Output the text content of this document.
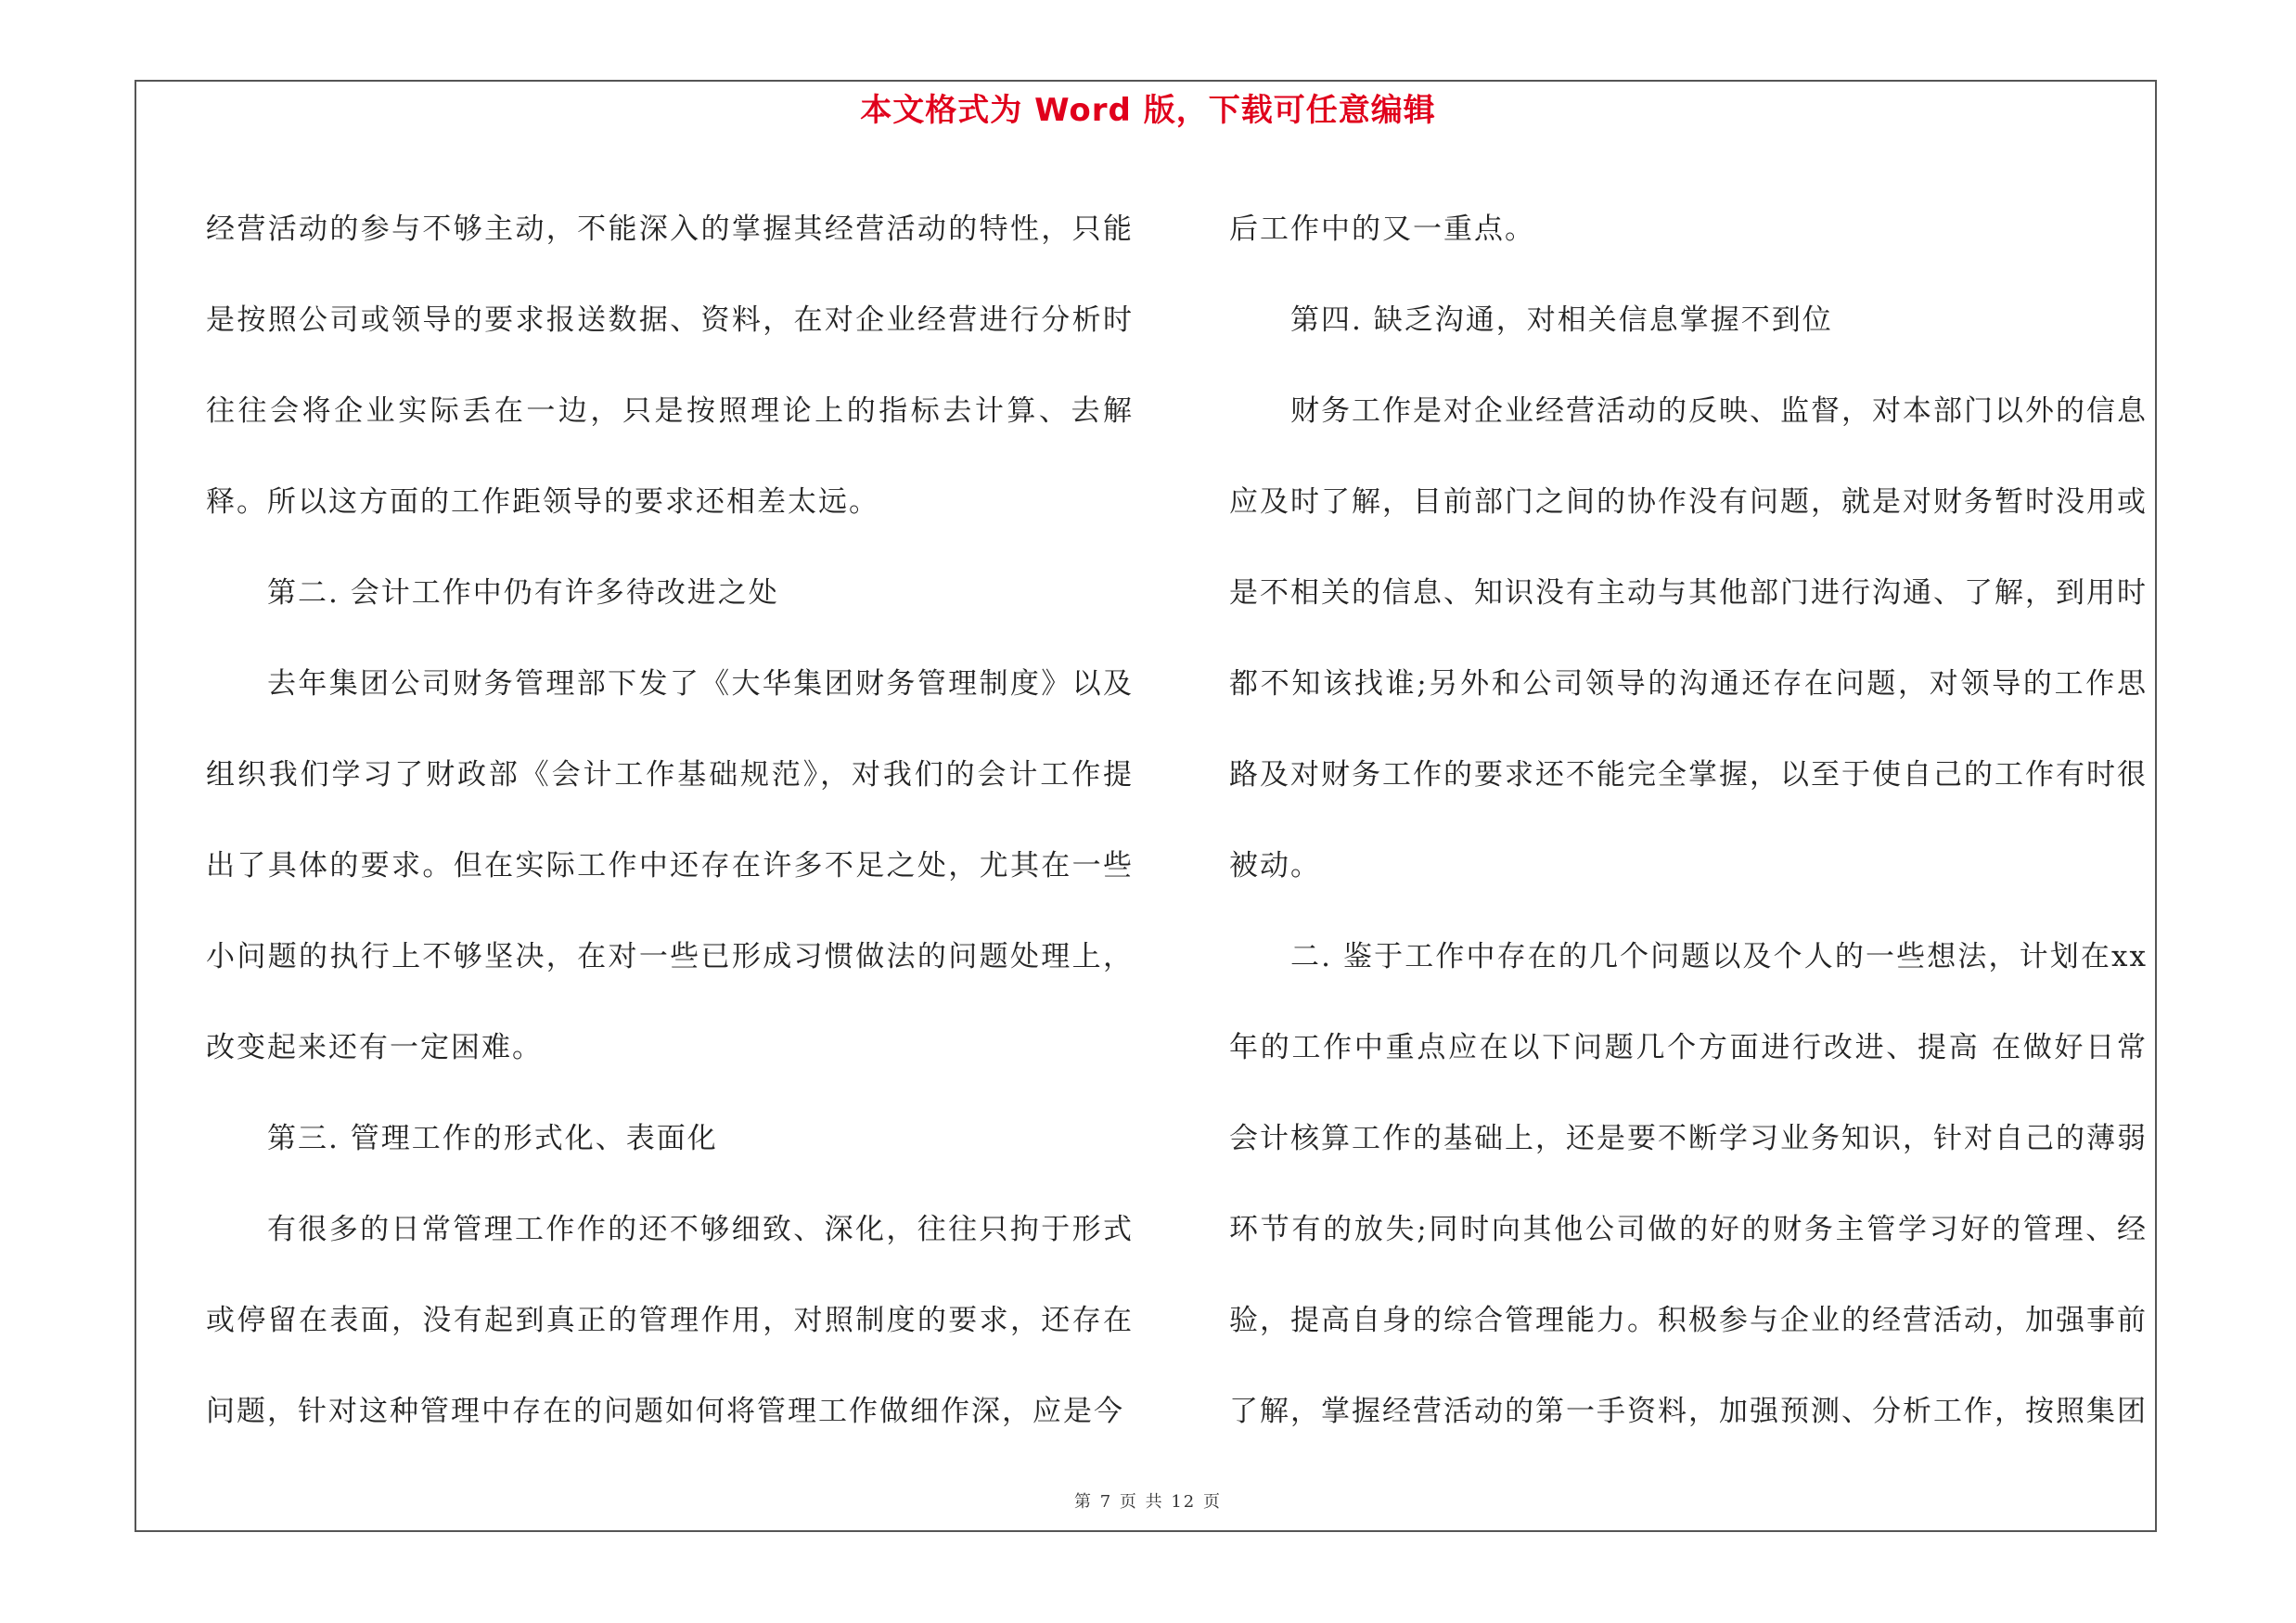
本文格式为 Word 版，下载可任意编辑

经营活动的参与不够主动，不能深入的掌握其经营活动的特性，只能是按照公司或领导的要求报送数据、资料，在对企业经营进行分析时往往会将企业实际丢在一边，只是按照理论上的指标去计算、去解释。所以这方面的工作距领导的要求还相差太远。

第二. 会计工作中仍有许多待改进之处

去年集团公司财务管理部下发了《大华集团财务管理制度》以及组织我们学习了财政部《会计工作基础规范》，对我们的会计工作提出了具体的要求。但在实际工作中还存在许多不足之处，尤其在一些小问题的执行上不够坚决，在对一些已形成习惯做法的问题处理上，改变起来还有一定困难。

第三. 管理工作的形式化、表面化

有很多的日常管理工作作的还不够细致、深化，往往只拘于形式或停留在表面，没有起到真正的管理作用，对照制度的要求，还存在问题，针对这种管理中存在的问题如何将管理工作做细作深，应是今

后工作中的又一重点。

第四. 缺乏沟通，对相关信息掌握不到位

财务工作是对企业经营活动的反映、监督，对本部门以外的信息应及时了解，目前部门之间的协作没有问题，就是对财务暂时没用或是不相关的信息、知识没有主动与其他部门进行沟通、了解，到用时都不知该找谁;另外和公司领导的沟通还存在问题，对领导的工作思路及对财务工作的要求还不能完全掌握，以至于使自己的工作有时很被动。

二. 鉴于工作中存在的几个问题以及个人的一些想法，计划在xx年的工作中重点应在以下问题几个方面进行改进、提高 在做好日常会计核算工作的基础上，还是要不断学习业务知识，针对自己的薄弱环节有的放失;同时向其他公司做的好的财务主管学习好的管理、经验，提高自身的综合管理能力。积极参与企业的经营活动，加强事前了解，掌握经营活动的第一手资料，加强预测、分析工作，按照集团

第 7 页 共 12 页
